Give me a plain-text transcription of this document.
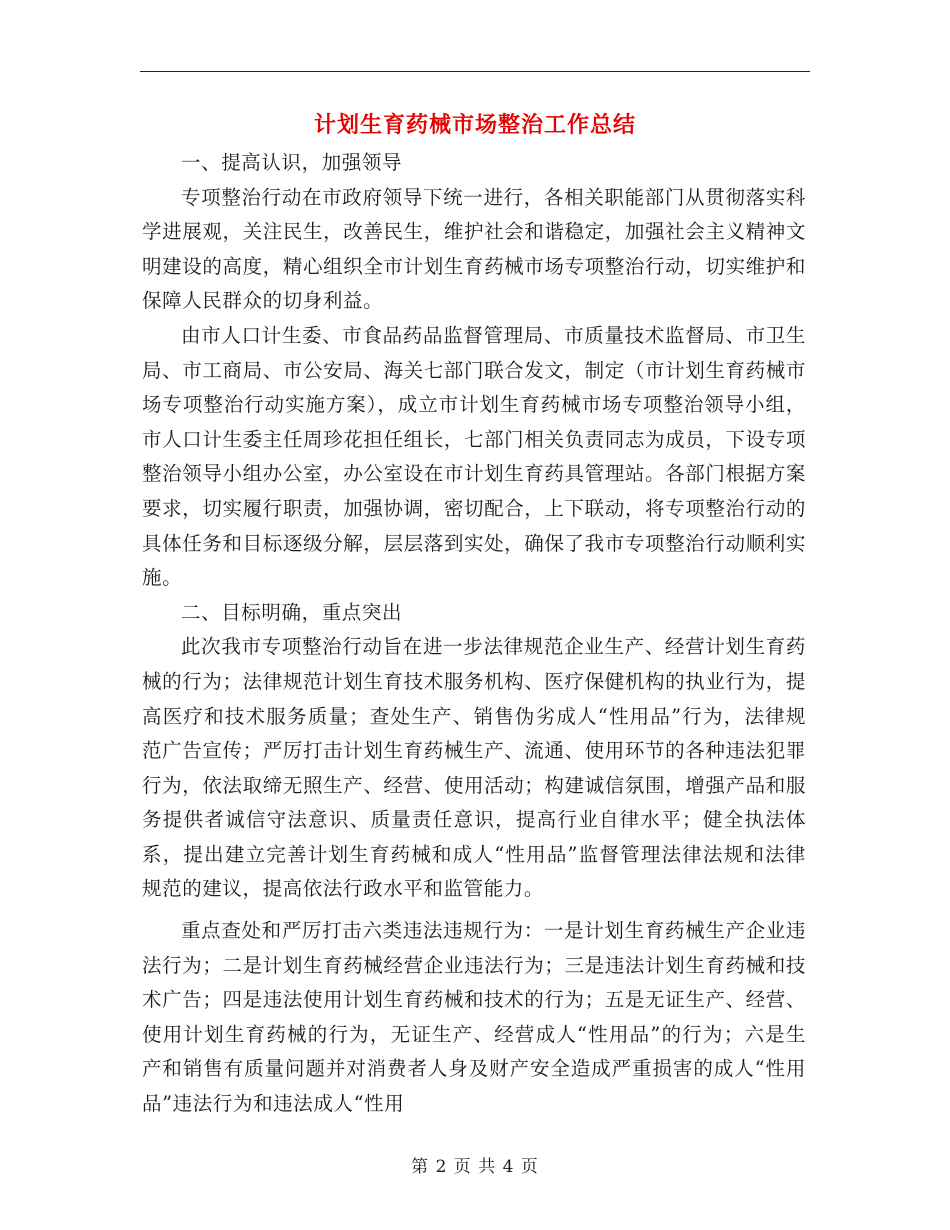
计划生育药械市场整治工作总结

一、提高认识，加强领导

专项整治行动在市政府领导下统一进行，各相关职能部门从贯彻落实科学进展观，关注民生，改善民生，维护社会和谐稳定，加强社会主义精神文明建设的高度，精心组织全市计划生育药械市场专项整治行动，切实维护和保障人民群众的切身利益。

由市人口计生委、市食品药品监督管理局、市质量技术监督局、市卫生局、市工商局、市公安局、海关七部门联合发文，制定（市计划生育药械市场专项整治行动实施方案），成立市计划生育药械市场专项整治领导小组，市人口计生委主任周珍花担任组长，七部门相关负责同志为成员，下设专项整治领导小组办公室，办公室设在市计划生育药具管理站。各部门根据方案要求，切实履行职责，加强协调，密切配合，上下联动，将专项整治行动的具体任务和目标逐级分解，层层落到实处，确保了我市专项整治行动顺利实施。

二、目标明确，重点突出

此次我市专项整治行动旨在进一步法律规范企业生产、经营计划生育药械的行为；法律规范计划生育技术服务机构、医疗保健机构的执业行为，提高医疗和技术服务质量；查处生产、销售伪劣成人“性用品”行为，法律规范广告宣传；严厉打击计划生育药械生产、流通、使用环节的各种违法犯罪行为，依法取缔无照生产、经营、使用活动；构建诚信氛围，增强产品和服务提供者诚信守法意识、质量责任意识，提高行业自律水平；健全执法体系，提出建立完善计划生育药械和成人“性用品”监督管理法律法规和法律规范的建议，提高依法行政水平和监管能力。

重点查处和严厉打击六类违法违规行为：一是计划生育药械生产企业违法行为；二是计划生育药械经营企业违法行为；三是违法计划生育药械和技术广告；四是违法使用计划生育药械和技术的行为；五是无证生产、经营、使用计划生育药械的行为，无证生产、经营成人“性用品”的行为；六是生产和销售有质量问题并对消费者人身及财产安全造成严重损害的成人“性用品”违法行为和违法成人“性用

第 2 页 共 4 页
